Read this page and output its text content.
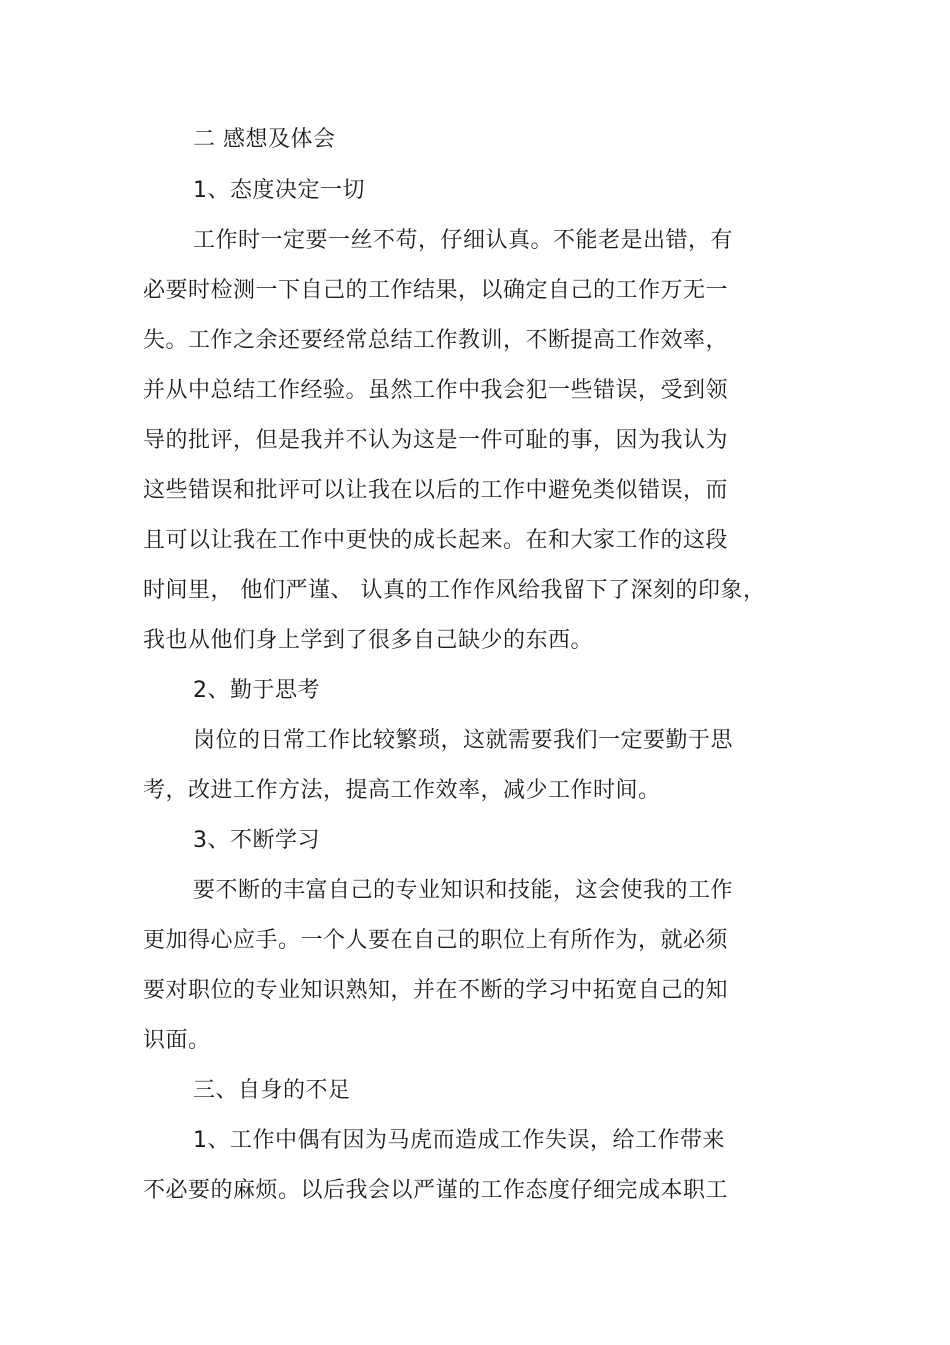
二 感想及体会
1、态度决定一切
工作时一定要一丝不苟，仔细认真。不能老是出错，有
必要时检测一下自己的工作结果，以确定自己的工作万无一
失。工作之余还要经常总结工作教训，不断提高工作效率，
并从中总结工作经验。虽然工作中我会犯一些错误，受到领
导的批评，但是我并不认为这是一件可耻的事，因为我认为
这些错误和批评可以让我在以后的工作中避免类似错误，而
且可以让我在工作中更快的成长起来。在和大家工作的这段
时间里， 他们严谨、 认真的工作作风给我留下了深刻的印象，
我也从他们身上学到了很多自己缺少的东西。
2、勤于思考
岗位的日常工作比较繁琐，这就需要我们一定要勤于思
考，改进工作方法，提高工作效率，减少工作时间。
3、不断学习
要不断的丰富自己的专业知识和技能，这会使我的工作
更加得心应手。一个人要在自己的职位上有所作为，就必须
要对职位的专业知识熟知，并在不断的学习中拓宽自己的知
识面。
三、自身的不足
1、工作中偶有因为马虎而造成工作失误，给工作带来
不必要的麻烦。以后我会以严谨的工作态度仔细完成本职工
